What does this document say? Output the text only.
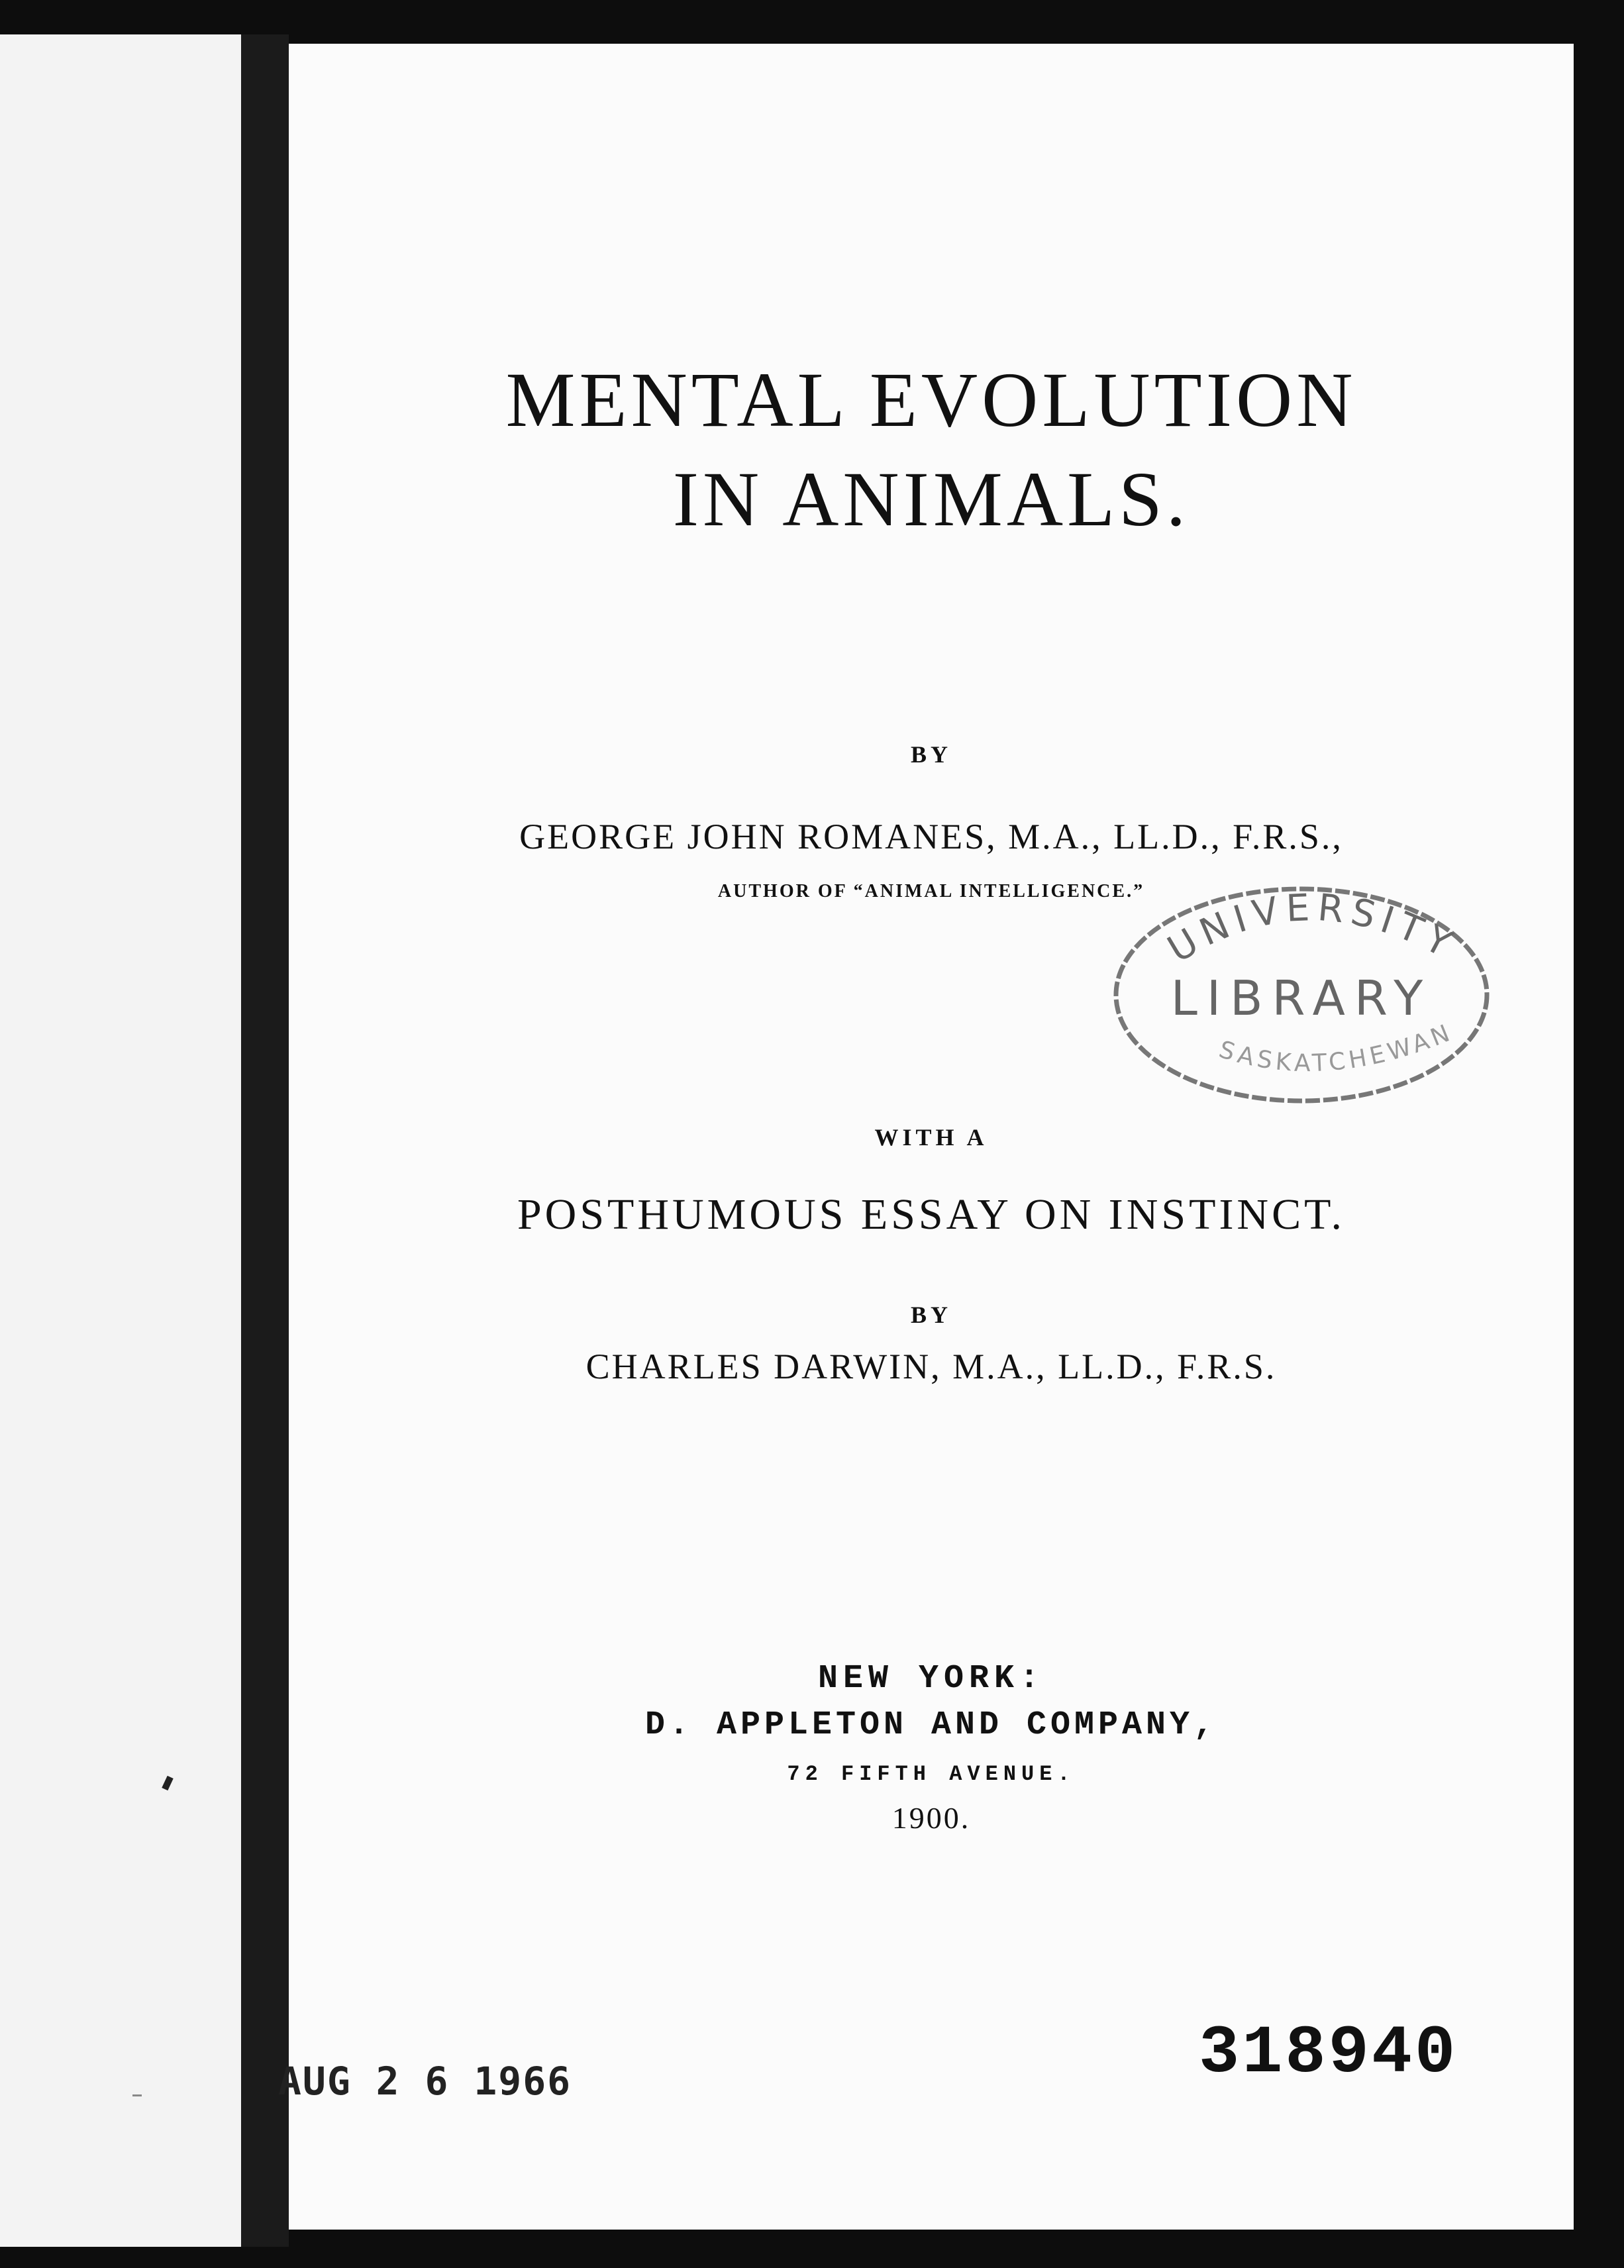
MENTAL EVOLUTION
IN ANIMALS.
BY
GEORGE JOHN ROMANES, M.A., LL.D., F.R.S.,
AUTHOR OF “ANIMAL INTELLIGENCE.”
WITH A
POSTHUMOUS ESSAY ON INSTINCT.
BY
CHARLES DARWIN, M.A., LL.D., F.R.S.
NEW YORK:
D. APPLETON AND COMPANY,
72 FIFTH AVENUE.
1900.
UNIVERSITY
LIBRARY
SASKATCHEWAN
318940
AUG 2 6 1966
